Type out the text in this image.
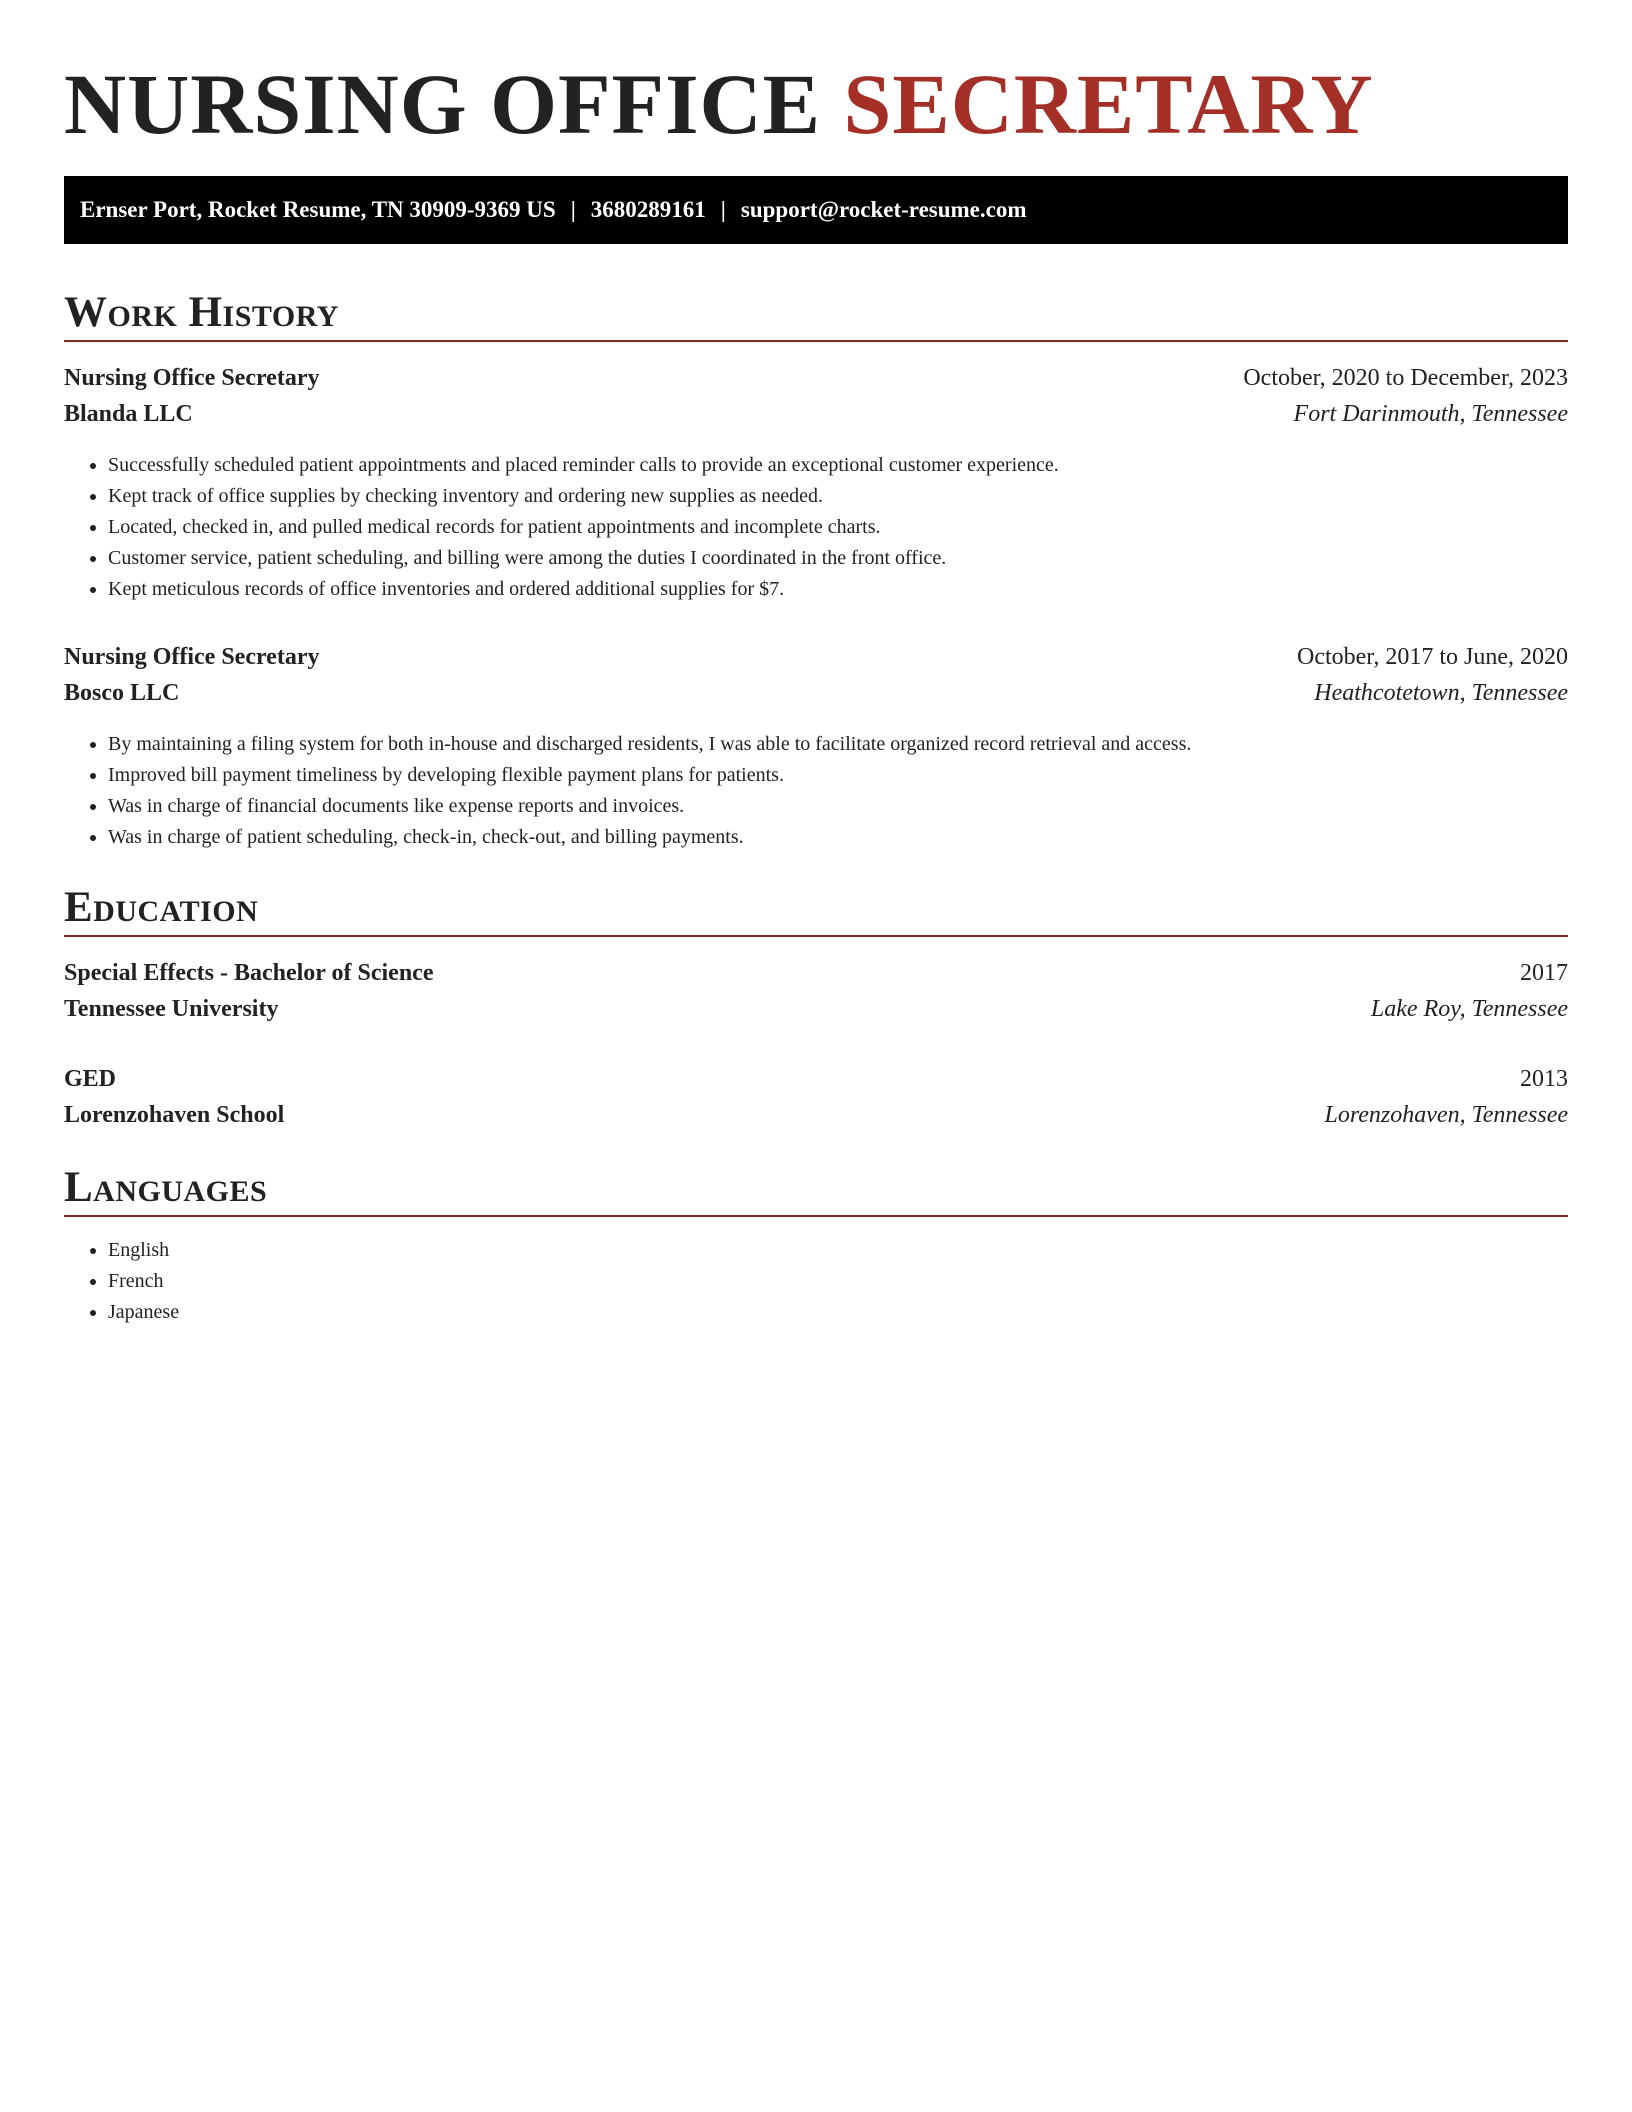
NURSING OFFICE SECRETARY
Ernser Port, Rocket Resume, TN 30909-9369 US | 3680289161 | support@rocket-resume.com
Work History
Nursing Office Secretary	October, 2020 to December, 2023
Blanda LLC	Fort Darinmouth, Tennessee
• Successfully scheduled patient appointments and placed reminder calls to provide an exceptional customer experience.
• Kept track of office supplies by checking inventory and ordering new supplies as needed.
• Located, checked in, and pulled medical records for patient appointments and incomplete charts.
• Customer service, patient scheduling, and billing were among the duties I coordinated in the front office.
• Kept meticulous records of office inventories and ordered additional supplies for $7.
Nursing Office Secretary	October, 2017 to June, 2020
Bosco LLC	Heathcotetown, Tennessee
• By maintaining a filing system for both in-house and discharged residents, I was able to facilitate organized record retrieval and access.
• Improved bill payment timeliness by developing flexible payment plans for patients.
• Was in charge of financial documents like expense reports and invoices.
• Was in charge of patient scheduling, check-in, check-out, and billing payments.
Education
Special Effects - Bachelor of Science	2017
Tennessee University	Lake Roy, Tennessee
GED	2013
Lorenzohaven School	Lorenzohaven, Tennessee
Languages
• English
• French
• Japanese
